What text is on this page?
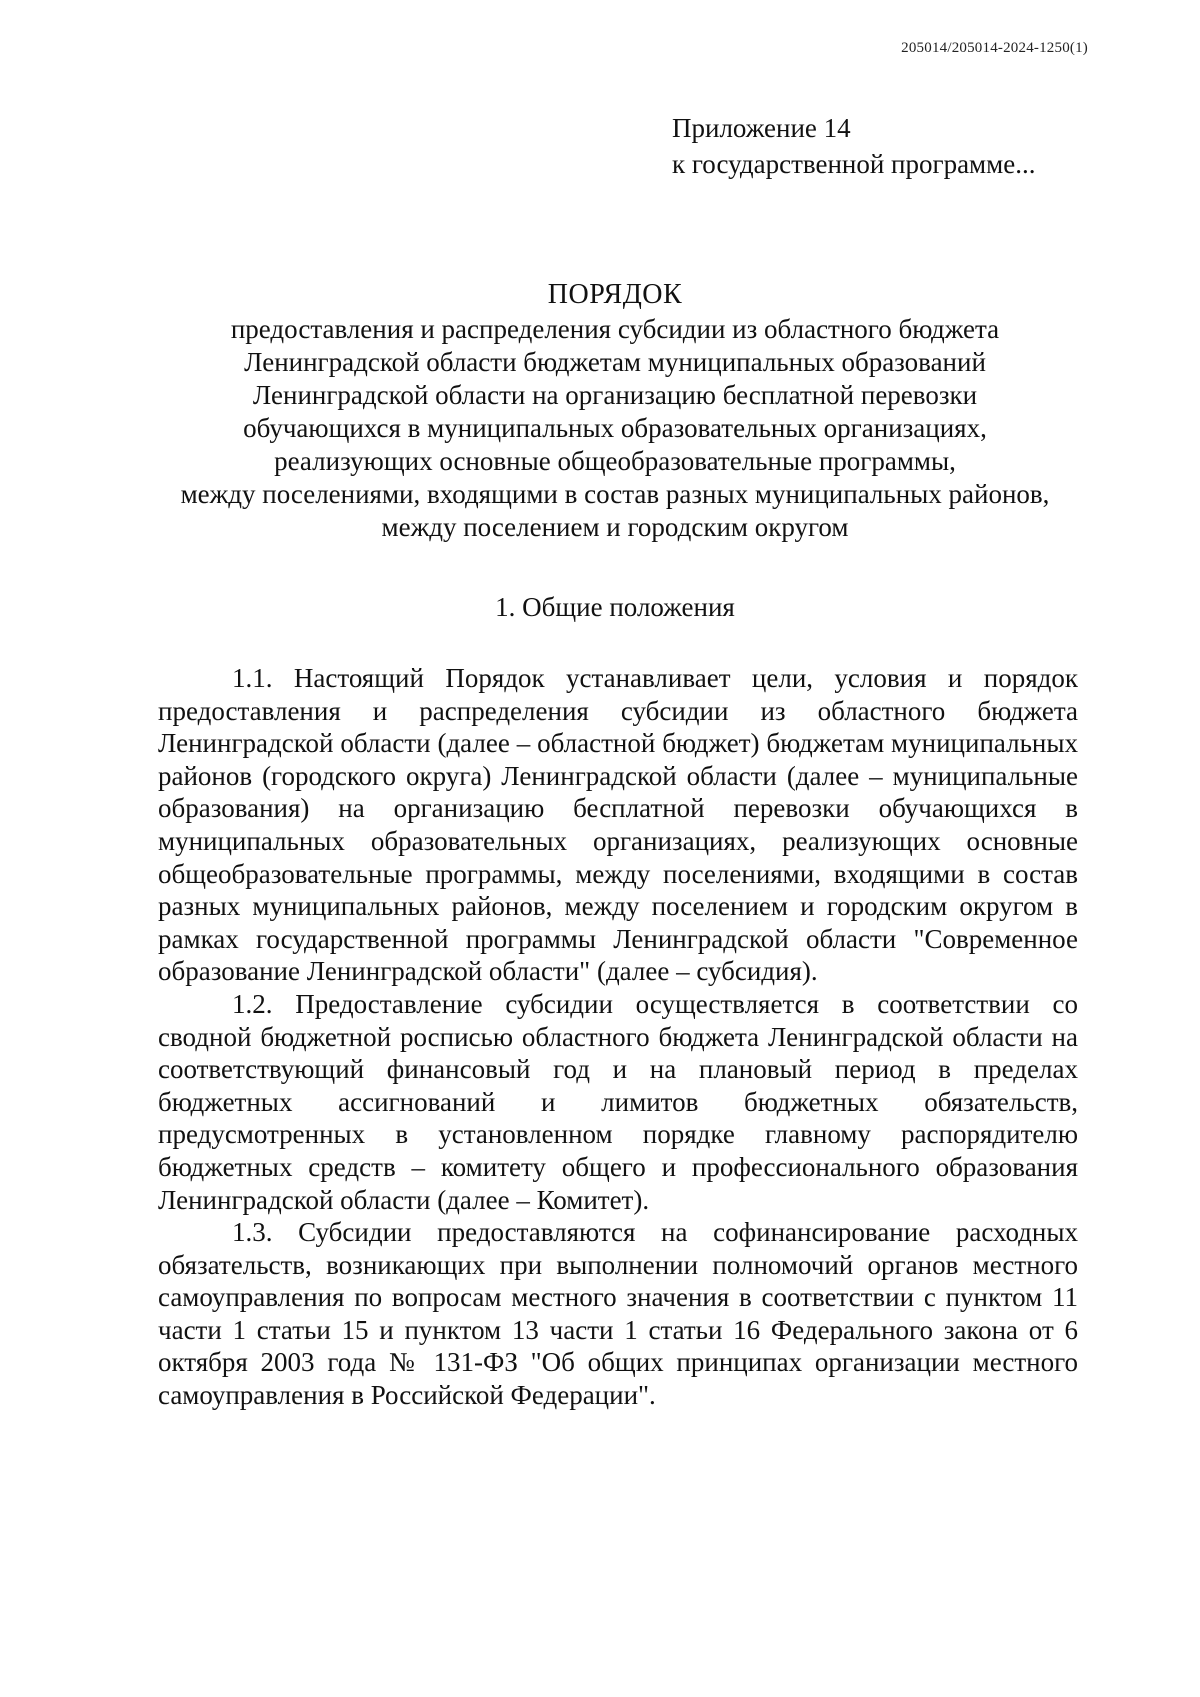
205014/205014-2024-1250(1)
Приложение 14
к государственной программе...
ПОРЯДОК
предоставления и распределения субсидии из областного бюджета
Ленинградской области бюджетам муниципальных образований
Ленинградской области на организацию бесплатной перевозки
обучающихся в муниципальных образовательных организациях,
реализующих основные общеобразовательные программы,
между поселениями, входящими в состав разных муниципальных районов,
между поселением и городским округом
1. Общие положения

1.1. Настоящий Порядок устанавливает цели, условия и порядок предоставления и распределения субсидии из областного бюджета Ленинградской области (далее – областной бюджет) бюджетам муниципальных районов (городского округа) Ленинградской области (далее – муниципальные образования) на организацию бесплатной перевозки обучающихся в муниципальных образовательных организациях, реализующих основные общеобразовательные программы, между поселениями, входящими в состав разных муниципальных районов, между поселением и городским округом в рамках государственной программы Ленинградской области "Современное образование Ленинградской области" (далее – субсидия).

1.2. Предоставление субсидии осуществляется в соответствии со сводной бюджетной росписью областного бюджета Ленинградской области на соответствующий финансовый год и на плановый период в пределах бюджетных ассигнований и лимитов бюджетных обязательств, предусмотренных в установленном порядке главному распорядителю бюджетных средств – комитету общего и профессионального образования Ленинградской области (далее – Комитет).

1.3. Субсидии предоставляются на софинансирование расходных обязательств, возникающих при выполнении полномочий органов местного самоуправления по вопросам местного значения в соответствии с пунктом 11 части 1 статьи 15 и пунктом 13 части 1 статьи 16 Федерального закона от 6 октября 2003 года № 131-ФЗ "Об общих принципах организации местного самоуправления в Российской Федерации".
